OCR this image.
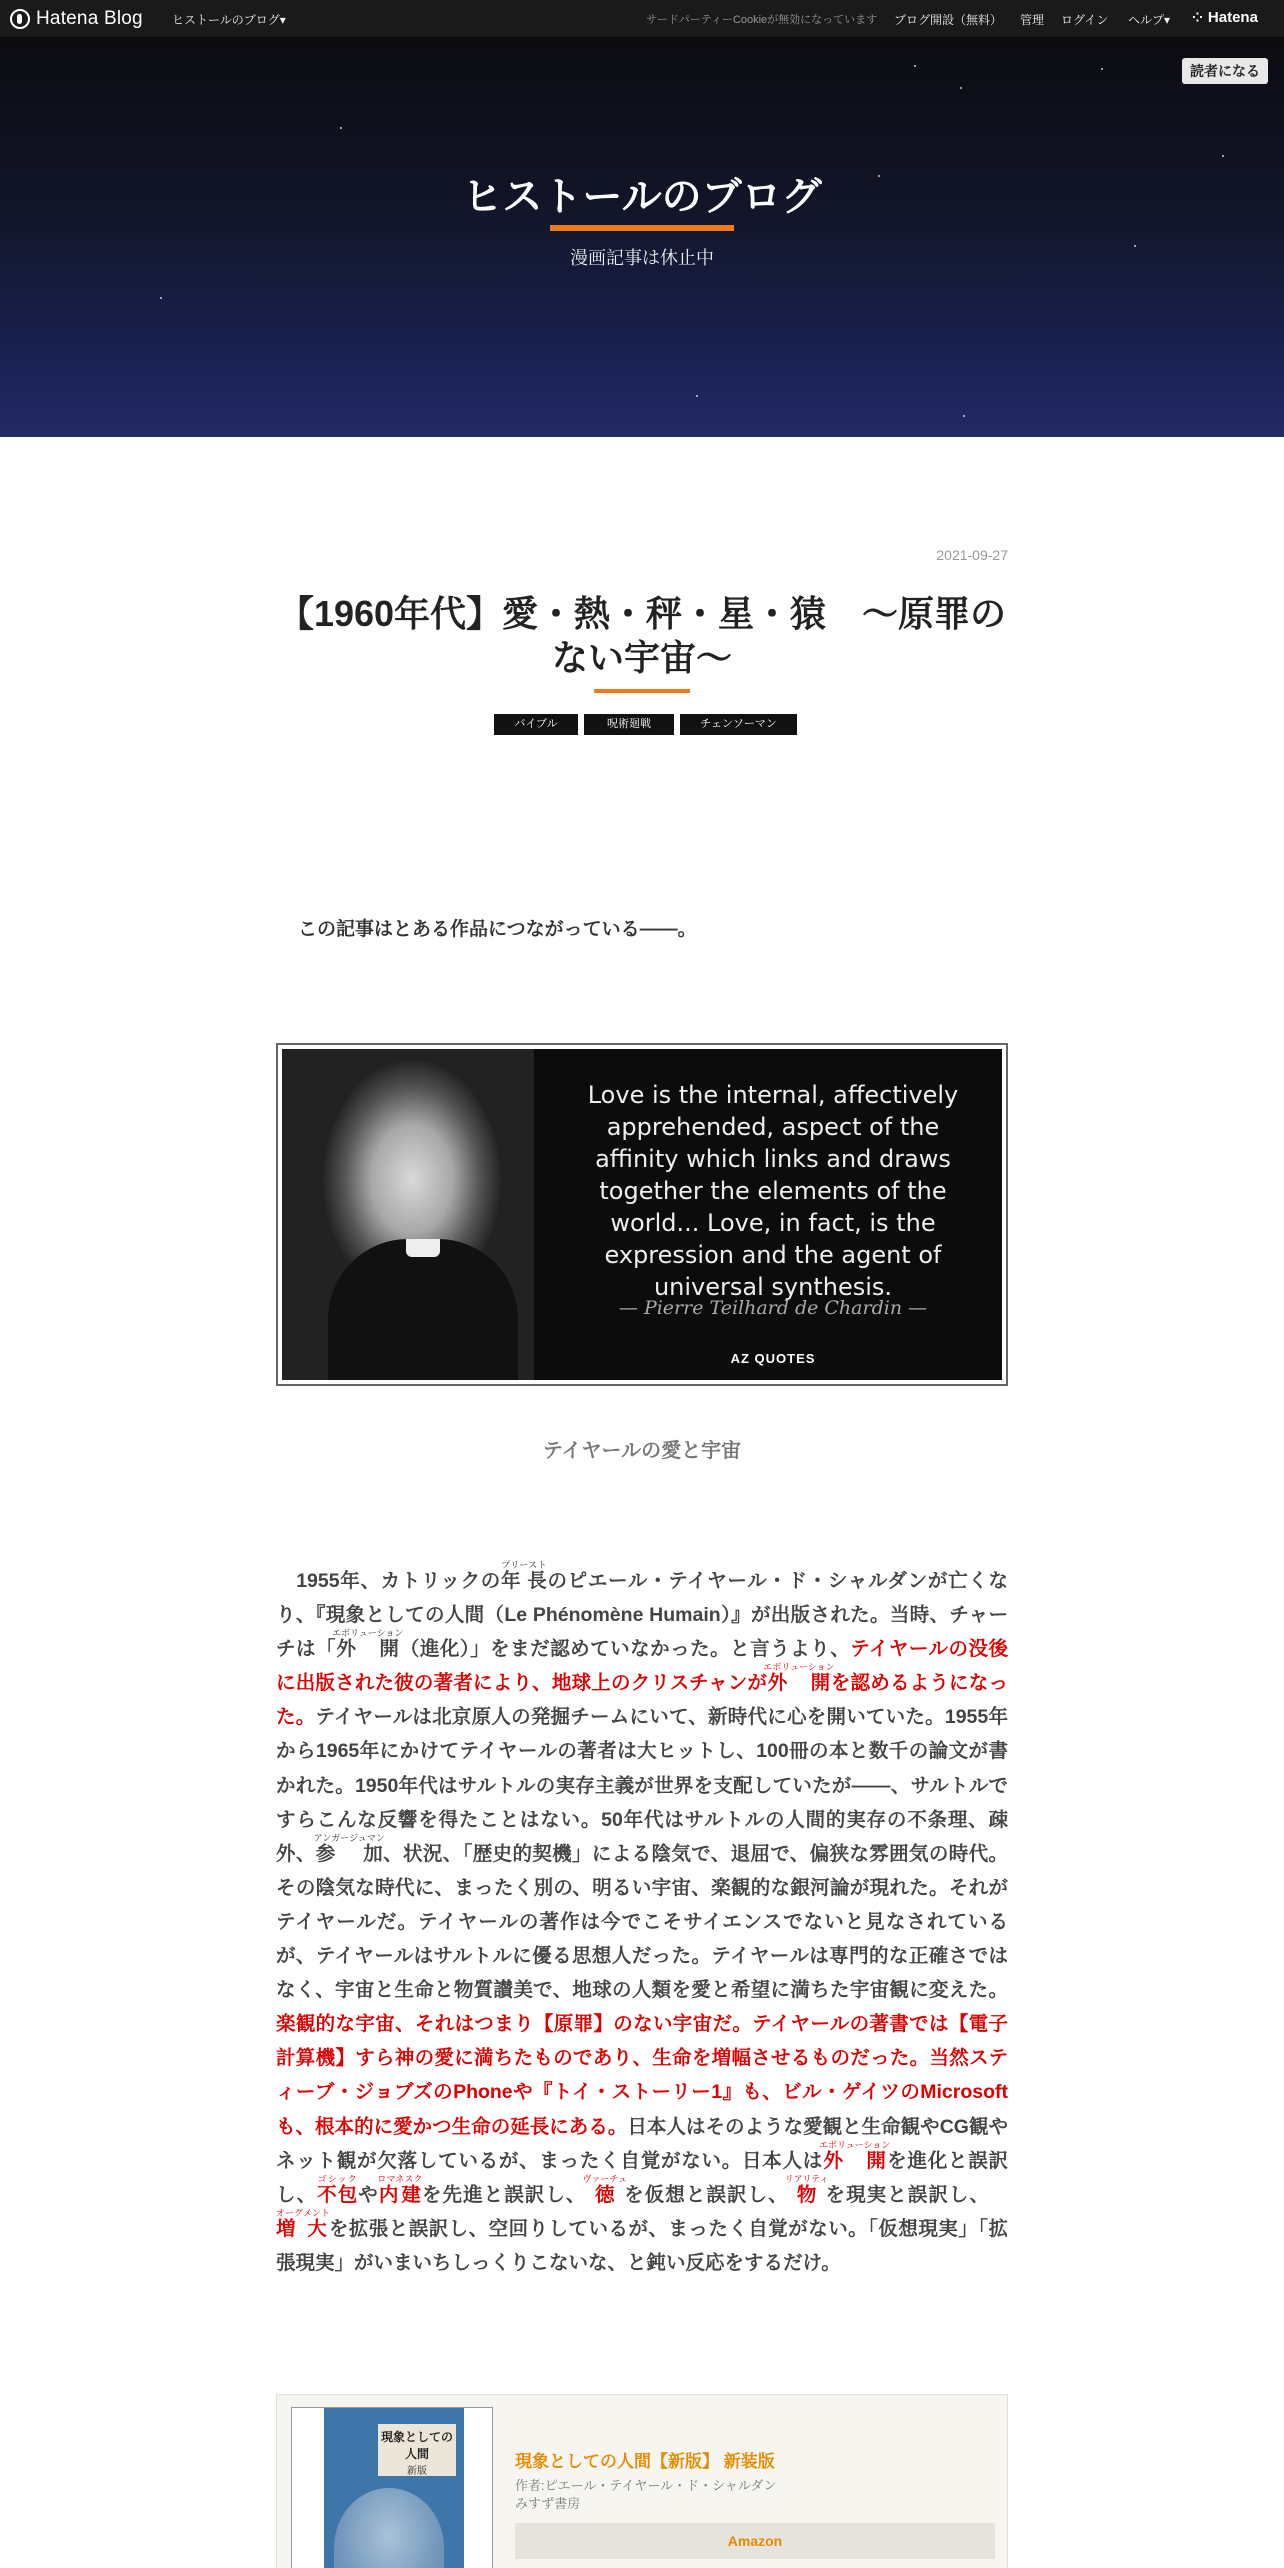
Hatena Blog ヒストールのブログ▾	サードパーティーCookieが無効になっています ブログ開設（無料） 管理 ログイン ヘルプ▾ ⁘ Hatena
読者になる
ヒストールのブログ
漫画記事は休止中
2021-09-27
【1960年代】愛・熱・秤・星・猿　〜原罪のない宇宙〜
バイブル	呪術廻戦	チェンソーマン
この記事はとある作品につながっている――。
Love is the internal, affectively apprehended, aspect of the affinity which links and draws together the elements of the world... Love, in fact, is the expression and the agent of universal synthesis.
— Pierre Teilhard de Chardin —
AZ QUOTES
テイヤールの愛と宇宙
　1955年、カトリックの年 長プリーストのピエール・テイヤール・ド・シャルダンが亡くなり、『現象としての人間（Le Phénomène Humain）』が出版された。当時、チャーチは「外 開エボリューション（進化）」をまだ認めていなかった。と言うより、テイヤールの没後に出版された彼の著者により、地球上のクリスチャンが外 開エボリューションを認めるようになった。テイヤールは北京原人の発掘チームにいて、新時代に心を開いていた。1955年から1965年にかけてテイヤールの著者は大ヒットし、100冊の本と数千の論文が書かれた。1950年代はサルトルの実存主義が世界を支配していたが――、サルトルですらこんな反響を得たことはない。50年代はサルトルの人間的実存の不条理、疎外、参　加アンガージュマン、状況、「歴史的契機」による陰気で、退屈で、偏狭な雰囲気の時代。その陰気な時代に、まったく別の、明るい宇宙、楽観的な銀河論が現れた。それがテイヤールだ。テイヤールの著作は今でこそサイエンスでないと見なされているが、テイヤールはサルトルに優る思想人だった。テイヤールは専門的な正確さではなく、宇宙と生命と物質讃美で、地球の人類を愛と希望に満ちた宇宙観に変えた。楽観的な宇宙、それはつまり【原罪】のない宇宙だ。テイヤールの著書では【電子計算機】すら神の愛に満ちたものであり、生命を増幅させるものだった。当然スティーブ・ジョブズのPhoneや『トイ・ストーリー1』も、ビル・ゲイツのMicrosoftも、根本的に愛かつ生命の延長にある。日本人はそのような愛観と生命観やCG観やネット観が欠落しているが、まったく自覚がない。日本人は外 開エボリューションを進化と誤訳し、不包ゴシックや内建ロマネスクを先進と誤訳し、徳ヴァーチュを仮想と誤訳し、物リアリティを現実と誤訳し、増 大オーグメントを拡張と誤訳し、空回りしているが、まったく自覚がない。「仮想現実」「拡張現実」がいまいちしっくりこないな、と鈍い反応をするだけ。
現象としての人間
新版
現象としての人間【新版】 新装版
作者:ピエール・テイヤール・ド・シャルダン
みすず書房
Amazon
